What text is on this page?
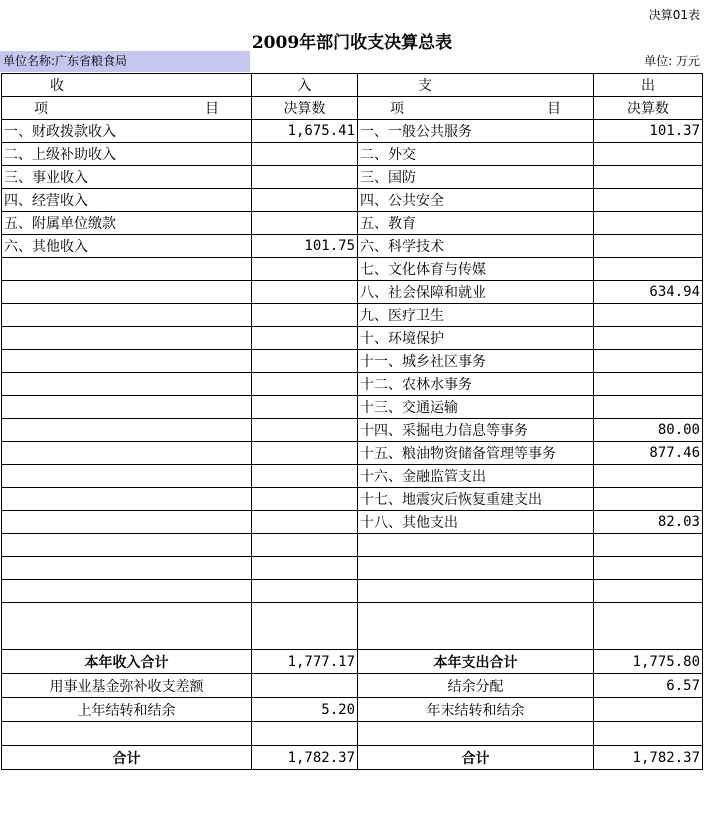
决算01表
2009年部门收支决算总表
单位名称:广东省粮食局	单位: 万元
收	入	支	出

项 目	决算数	项 目	决算数
一、财政拨款收入	1,675.41	一、一般公共服务	101.37
二、上级补助收入		二、外交	
三、事业收入		三、国防	
四、经营收入		四、公共安全	
五、附属单位缴款		五、教育	
六、其他收入	101.75	六、科学技术	
		七、文化体育与传媒	
		八、社会保障和就业	634.94
		九、医疗卫生	
		十、环境保护	
		十一、城乡社区事务	
		十二、农林水事务	
		十三、交通运输	
		十四、采掘电力信息等事务	80.00
		十五、粮油物资储备管理等事务	877.46
		十六、金融监管支出	
		十七、地震灾后恢复重建支出	
		十八、其他支出	82.03

本年收入合计	1,777.17	本年支出合计	1,775.80
用事业基金弥补收支差额		结余分配	6.57
上年结转和结余	5.20	年末结转和结余	

合计	1,782.37	合计	1,782.37
